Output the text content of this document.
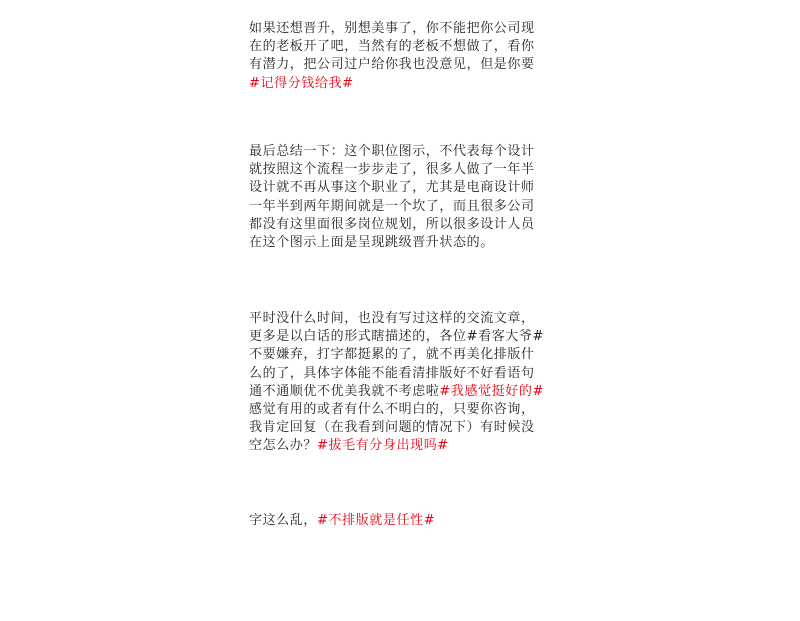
如果还想晋升，别想美事了，你不能把你公司现
在的老板开了吧，当然有的老板不想做了，看你
有潜力，把公司过户给你我也没意见，但是你要
#记得分钱给我#

最后总结一下：这个职位图示，不代表每个设计
就按照这个流程一步步走了，很多人做了一年半
设计就不再从事这个职业了，尤其是电商设计师
一年半到两年期间就是一个坎了，而且很多公司
都没有这里面很多岗位规划，所以很多设计人员
在这个图示上面是呈现跳级晋升状态的。

平时没什么时间，也没有写过这样的交流文章，
更多是以白话的形式瞎描述的，各位#看客大爷#
不要嫌弃，打字都挺累的了，就不再美化排版什
么的了，具体字体能不能看清排版好不好看语句
通不通顺优不优美我就不考虑啦#我感觉挺好的#
感觉有用的或者有什么不明白的，只要你咨询，
我肯定回复（在我看到问题的情况下）有时候没
空怎么办？#拔毛有分身出现吗#

字这么乱，#不排版就是任性#
